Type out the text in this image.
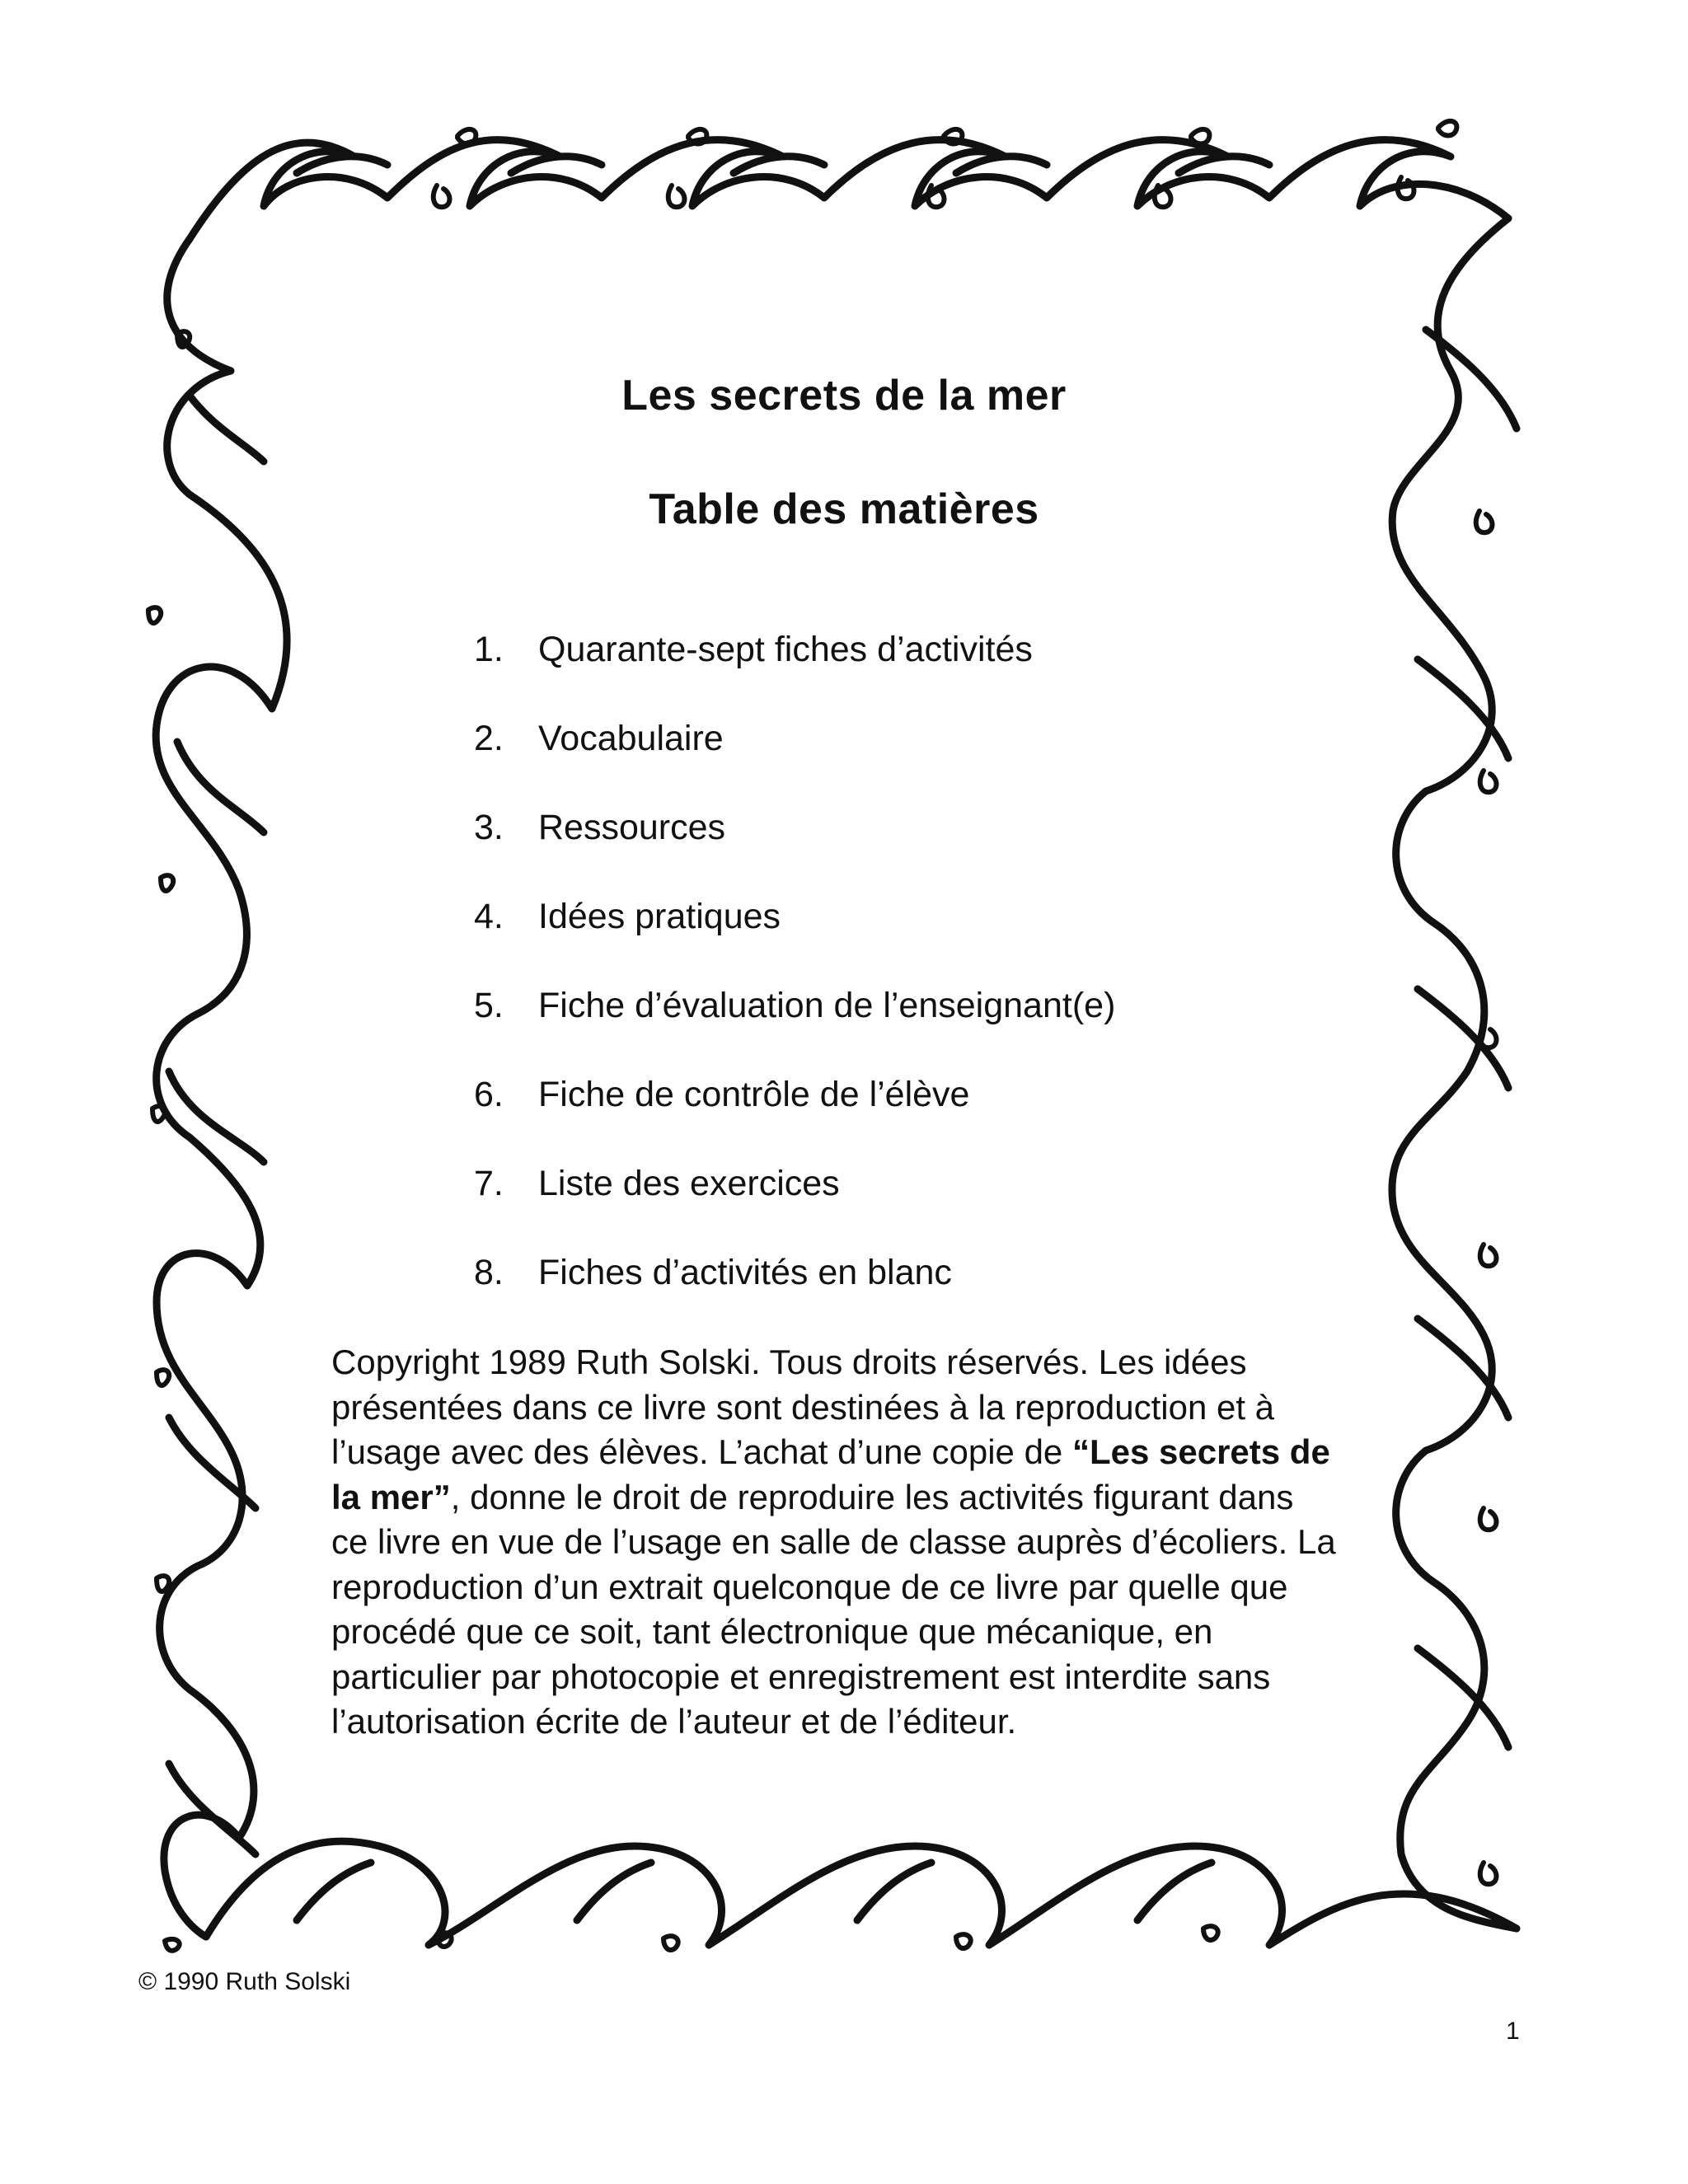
Les secrets de la mer
Table des matières
1. Quarante-sept fiches d’activités
2. Vocabulaire
3. Ressources
4. Idées pratiques
5. Fiche d’évaluation de l’enseignant(e)
6. Fiche de contrôle de l’élève
7. Liste des exercices
8. Fiches d’activités en blanc
Copyright 1989 Ruth Solski. Tous droits réservés. Les idées présentées dans ce livre sont destinées à la reproduction et à l’usage avec des élèves. L’achat d’une copie de “Les secrets de la mer”, donne le droit de reproduire les activités figurant dans ce livre en vue de l’usage en salle de classe auprès d’écoliers. La reproduction d’un extrait quelconque de ce livre par quelle que procédé que ce soit, tant électronique que mécanique, en particulier par photocopie et enregistrement est interdite sans l’autorisation écrite de l’auteur et de l’éditeur.
© 1990 Ruth Solski
1
